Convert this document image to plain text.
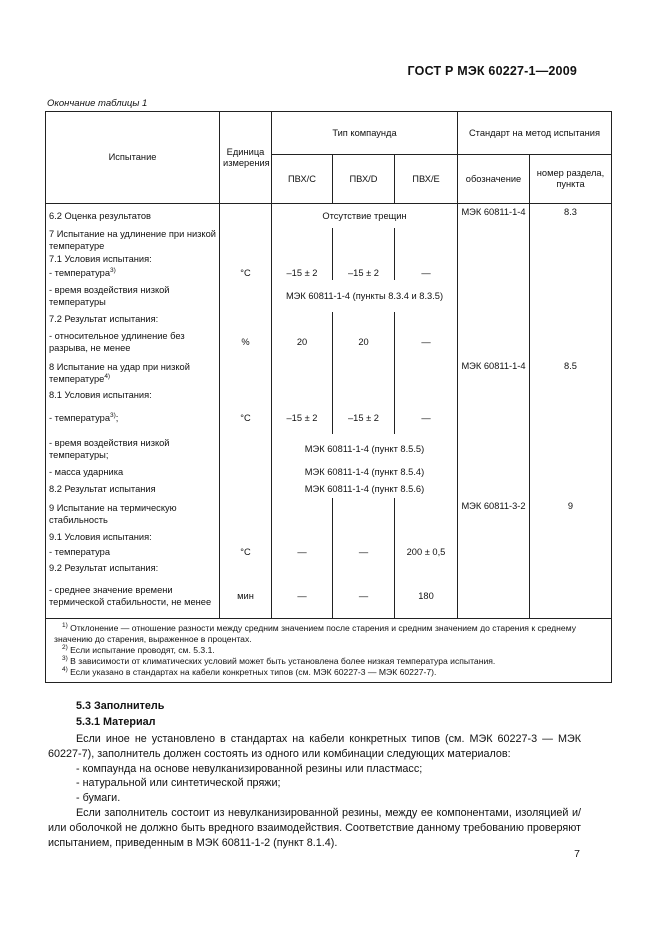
ГОСТ Р МЭК 60227-1—2009
Окончание таблицы 1
Испытание	Единица измерения	Тип компаунда			Стандарт на метод испытания	
		ПВХ/С	ПВХ/D	ПВХ/Е	обозначение	номер раздела, пункта
6.2 Оценка результатов		Отсутствие трещин			МЭК 60811-1-4	8.3
7 Испытание на удлинение при низкой температуре						
7.1 Условия испытания:						
- температура$^{3)}$	°С	–15 ± 2	–15 ± 2	—		
- время воздействия низкой температуры		МЭК 60811-1-4 (пункты 8.3.4 и 8.3.5)				
7.2 Результат испытания:						
- относительное удлинение без разрыва, не менее	%	20	20	—		
8 Испытание на удар при низкой температуре$^{4)}$					МЭК 60811-1-4	8.5
8.1 Условия испытания:						
- температура$^{3)}$;	°С	–15 ± 2	–15 ± 2	—		
- время воздействия низкой температуры;		МЭК 60811-1-4 (пункт 8.5.5)				
- масса ударника		МЭК 60811-1-4 (пункт 8.5.4)				
8.2 Результат испытания		МЭК 60811-1-4 (пункт 8.5.6)				
9 Испытание на термическую стабильность					МЭК 60811-3-2	9
9.1 Условия испытания:						
- температура	°С	—	—	200 ± 0,5		
9.2 Результат испытания:						
- среднее значение времени термической стабильности, не менее	мин	—	—	180		

$^{1)}$ Отклонение — отношение разности между средним значением после старения и средним значением до старения к среднему значению до старения, выраженное в процентах.
$^{2)}$ Если испытание проводят, см. 5.3.1.
$^{3)}$ В зависимости от климатических условий может быть установлена более низкая температура испытания.
$^{4)}$ Если указано в стандартах на кабели конкретных типов (см. МЭК 60227-3 — МЭК 60227-7).						
5.3 Заполнитель
5.3.1 Материал

Если иное не установлено в стандартах на кабели конкретных типов (см. МЭК 60227-3 — МЭК 60227-7), заполнитель должен состоять из одного или комбинации следующих материалов:

- компаунда на основе невулканизированной резины или пластмасс;

- натуральной или синтетической пряжи;

- бумаги.

Если заполнитель состоит из невулканизированной резины, между ее компонентами, изоляцией и/или оболочкой не должно быть вредного взаимодействия. Соответствие данному требованию проверяют испытанием, приведенным в МЭК 60811-1-2 (пункт 8.1.4).

7
